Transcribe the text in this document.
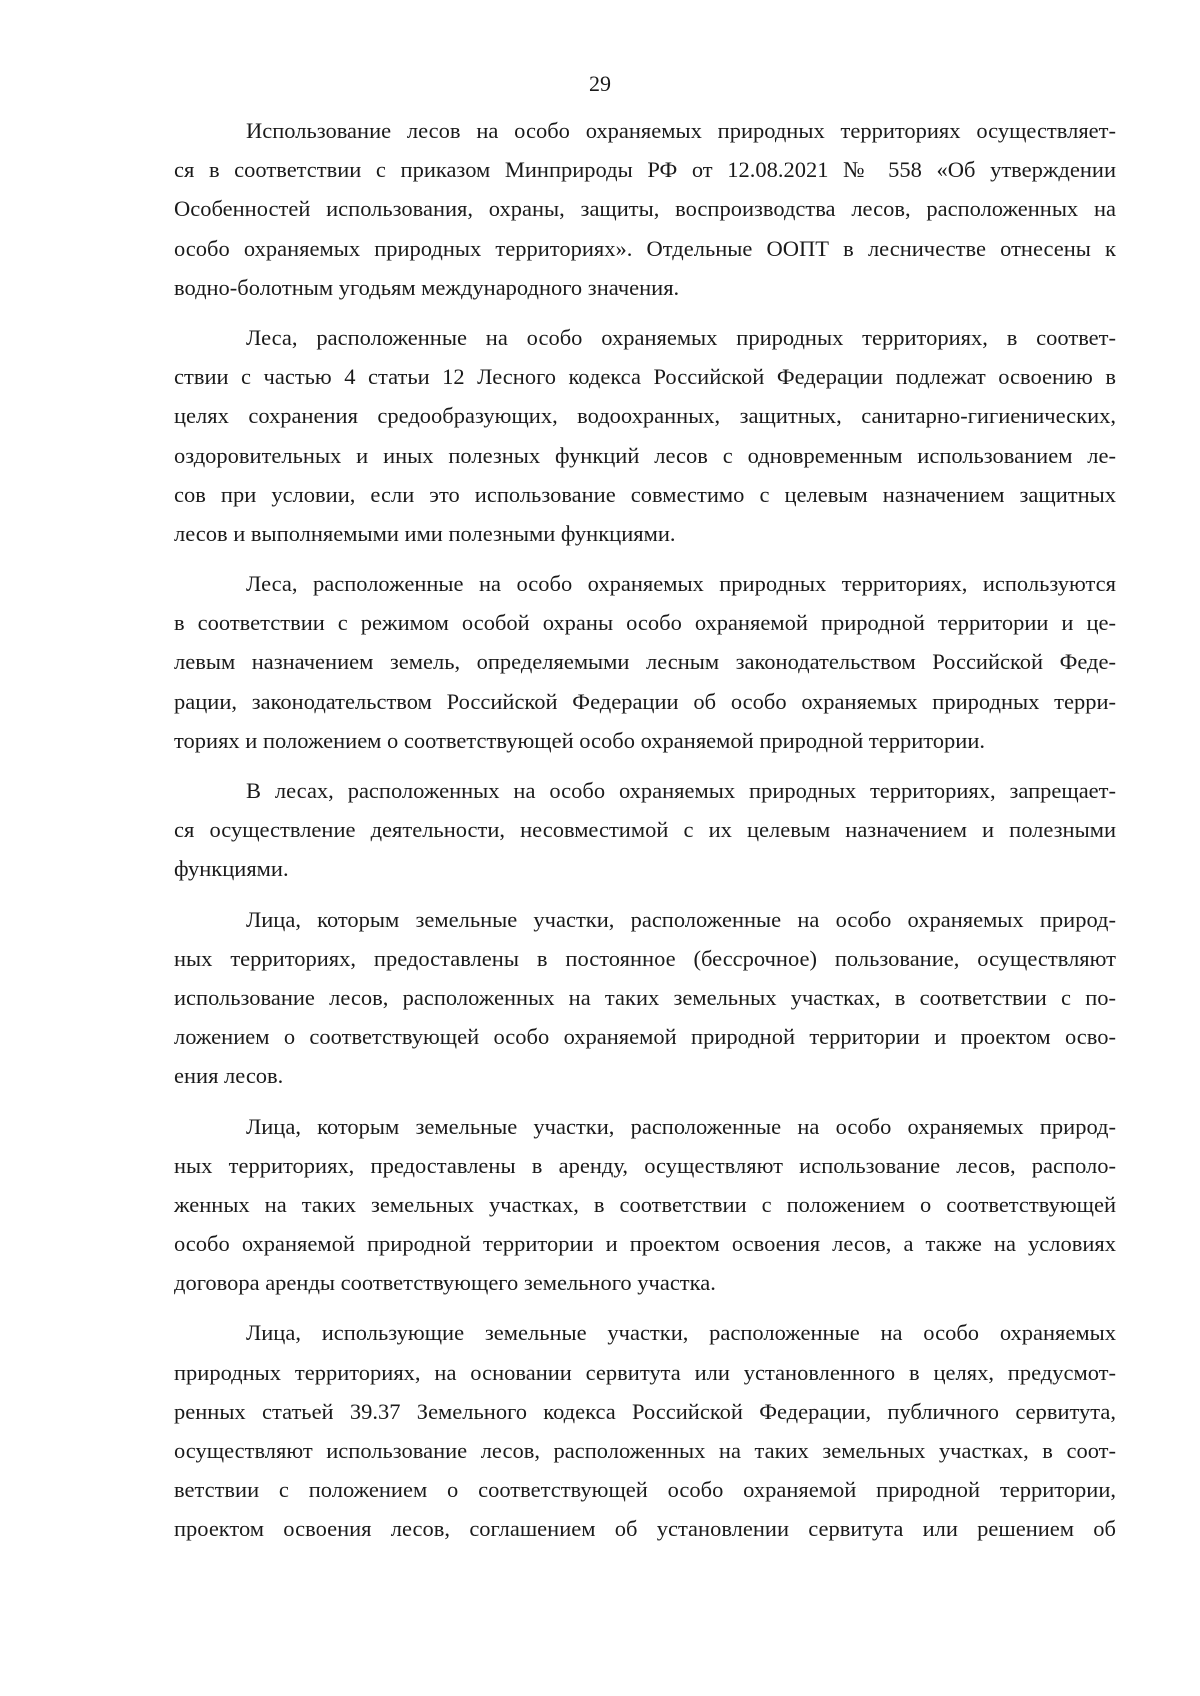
29
Использование лесов на особо охраняемых природных территориях осуществляет-
ся в соответствии с приказом Минприроды РФ от 12.08.2021 № 558 «Об утверждении
Особенностей использования, охраны, защиты, воспроизводства лесов, расположенных на
особо охраняемых природных территориях». Отдельные ООПТ в лесничестве отнесены к
водно-болотным угодьям международного значения.
Леса, расположенные на особо охраняемых природных территориях, в соответ-
ствии с частью 4 статьи 12 Лесного кодекса Российской Федерации подлежат освоению в
целях сохранения средообразующих, водоохранных, защитных, санитарно-гигиенических,
оздоровительных и иных полезных функций лесов с одновременным использованием ле-
сов при условии, если это использование совместимо с целевым назначением защитных
лесов и выполняемыми ими полезными функциями.
Леса, расположенные на особо охраняемых природных территориях, используются
в соответствии с режимом особой охраны особо охраняемой природной территории и це-
левым назначением земель, определяемыми лесным законодательством Российской Феде-
рации, законодательством Российской Федерации об особо охраняемых природных терри-
ториях и положением о соответствующей особо охраняемой природной территории.
В лесах, расположенных на особо охраняемых природных территориях, запрещает-
ся осуществление деятельности, несовместимой с их целевым назначением и полезными
функциями.
Лица, которым земельные участки, расположенные на особо охраняемых природ-
ных территориях, предоставлены в постоянное (бессрочное) пользование, осуществляют
использование лесов, расположенных на таких земельных участках, в соответствии с по-
ложением о соответствующей особо охраняемой природной территории и проектом осво-
ения лесов.
Лица, которым земельные участки, расположенные на особо охраняемых природ-
ных территориях, предоставлены в аренду, осуществляют использование лесов, располо-
женных на таких земельных участках, в соответствии с положением о соответствующей
особо охраняемой природной территории и проектом освоения лесов, а также на условиях
договора аренды соответствующего земельного участка.
Лица, использующие земельные участки, расположенные на особо охраняемых
природных территориях, на основании сервитута или установленного в целях, предусмот-
ренных статьей 39.37 Земельного кодекса Российской Федерации, публичного сервитута,
осуществляют использование лесов, расположенных на таких земельных участках, в соот-
ветствии с положением о соответствующей особо охраняемой природной территории,
проектом освоения лесов, соглашением об установлении сервитута или решением об
